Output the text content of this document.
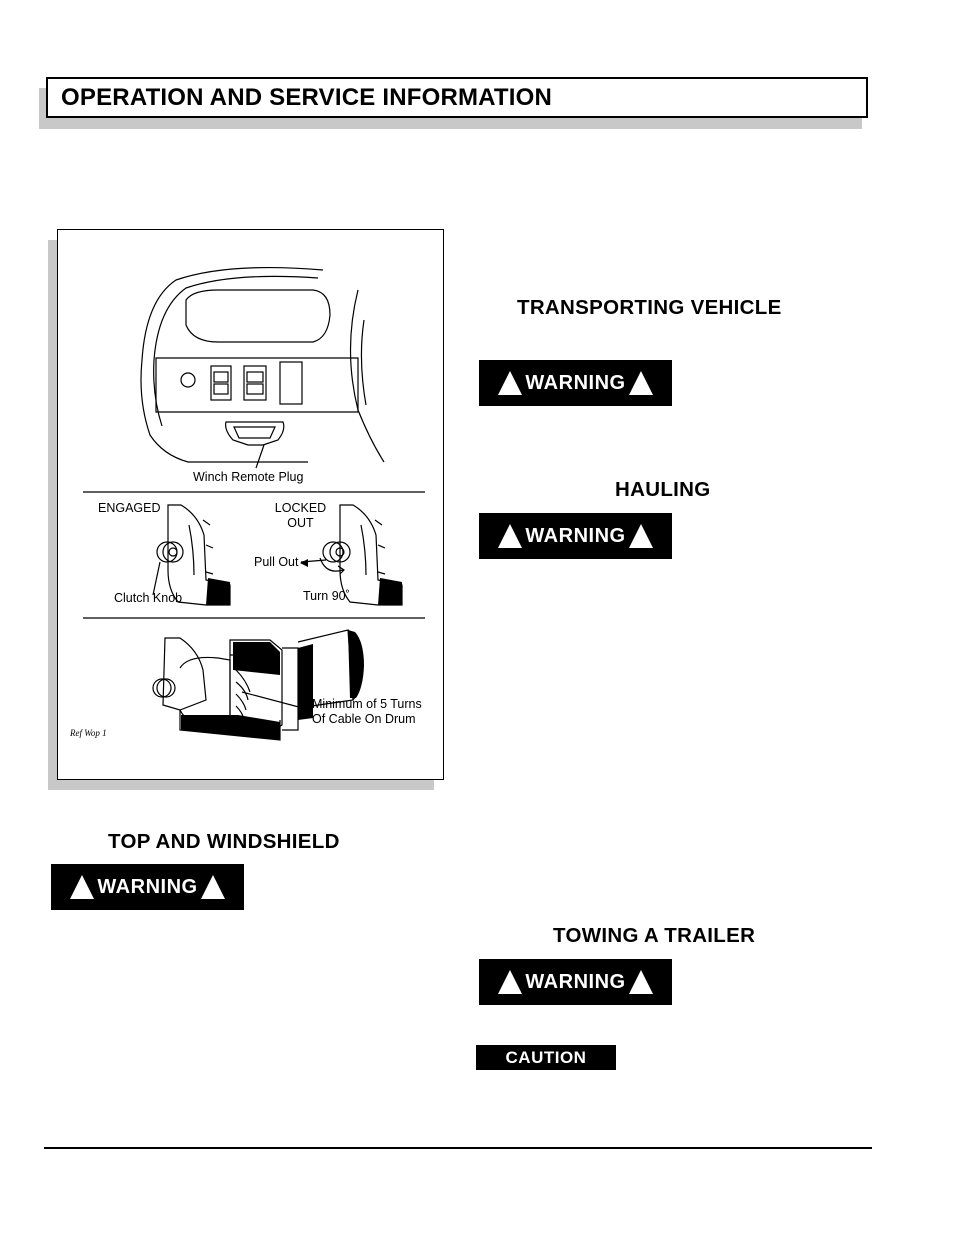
OPERATION AND SERVICE INFORMATION
Winch Remote Plug
ENGAGED	LOCKED
OUT
Pull Out
Clutch Knob	Turn 90˚
Minimum of 5 Turns
Of Cable On Drum
Ref Wop 1
TRANSPORTING VEHICLE
WARNING
HAULING
WARNING
TOP AND WINDSHIELD
WARNING
TOWING A TRAILER
WARNING
CAUTION
